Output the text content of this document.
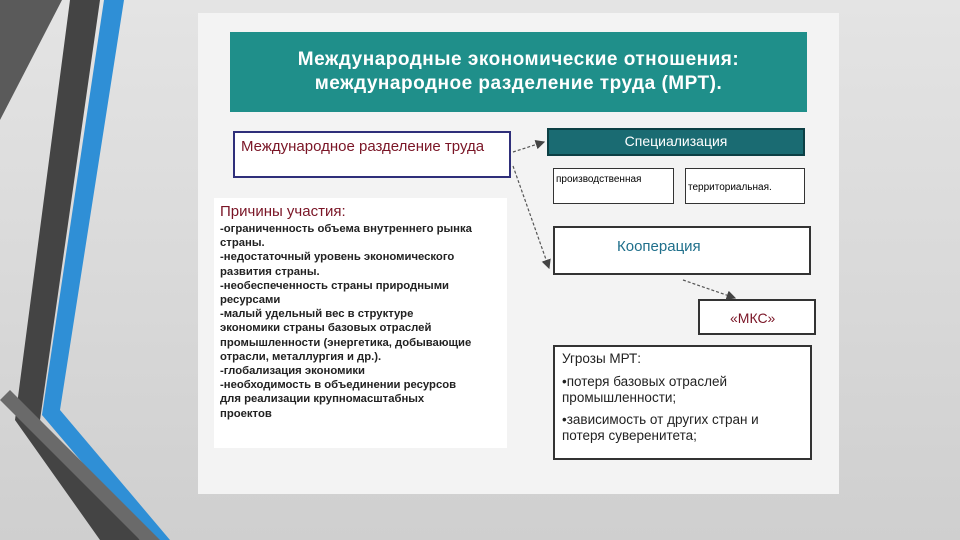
Международные экономические отношения:
международное разделение труда (МРТ).
Международное разделение труда
Причины участия:
-ограниченность объема внутреннего рынка
страны.
-недостаточный уровень экономического
развития страны.
-необеспеченность страны природными
ресурсами
-малый удельный вес в структуре
экономики страны базовых отраслей
промышленности (энергетика, добывающие
отрасли, металлургия и др.).
-глобализация экономики
-необходимость в объединении ресурсов
для реализации крупномасштабных
проектов
Специализация
производственная
территориальная.
Кооперация
«МКС»
Угрозы МРТ:
•потеря базовых отраслей промышленности;
•зависимость от других стран и потеря суверенитета;
